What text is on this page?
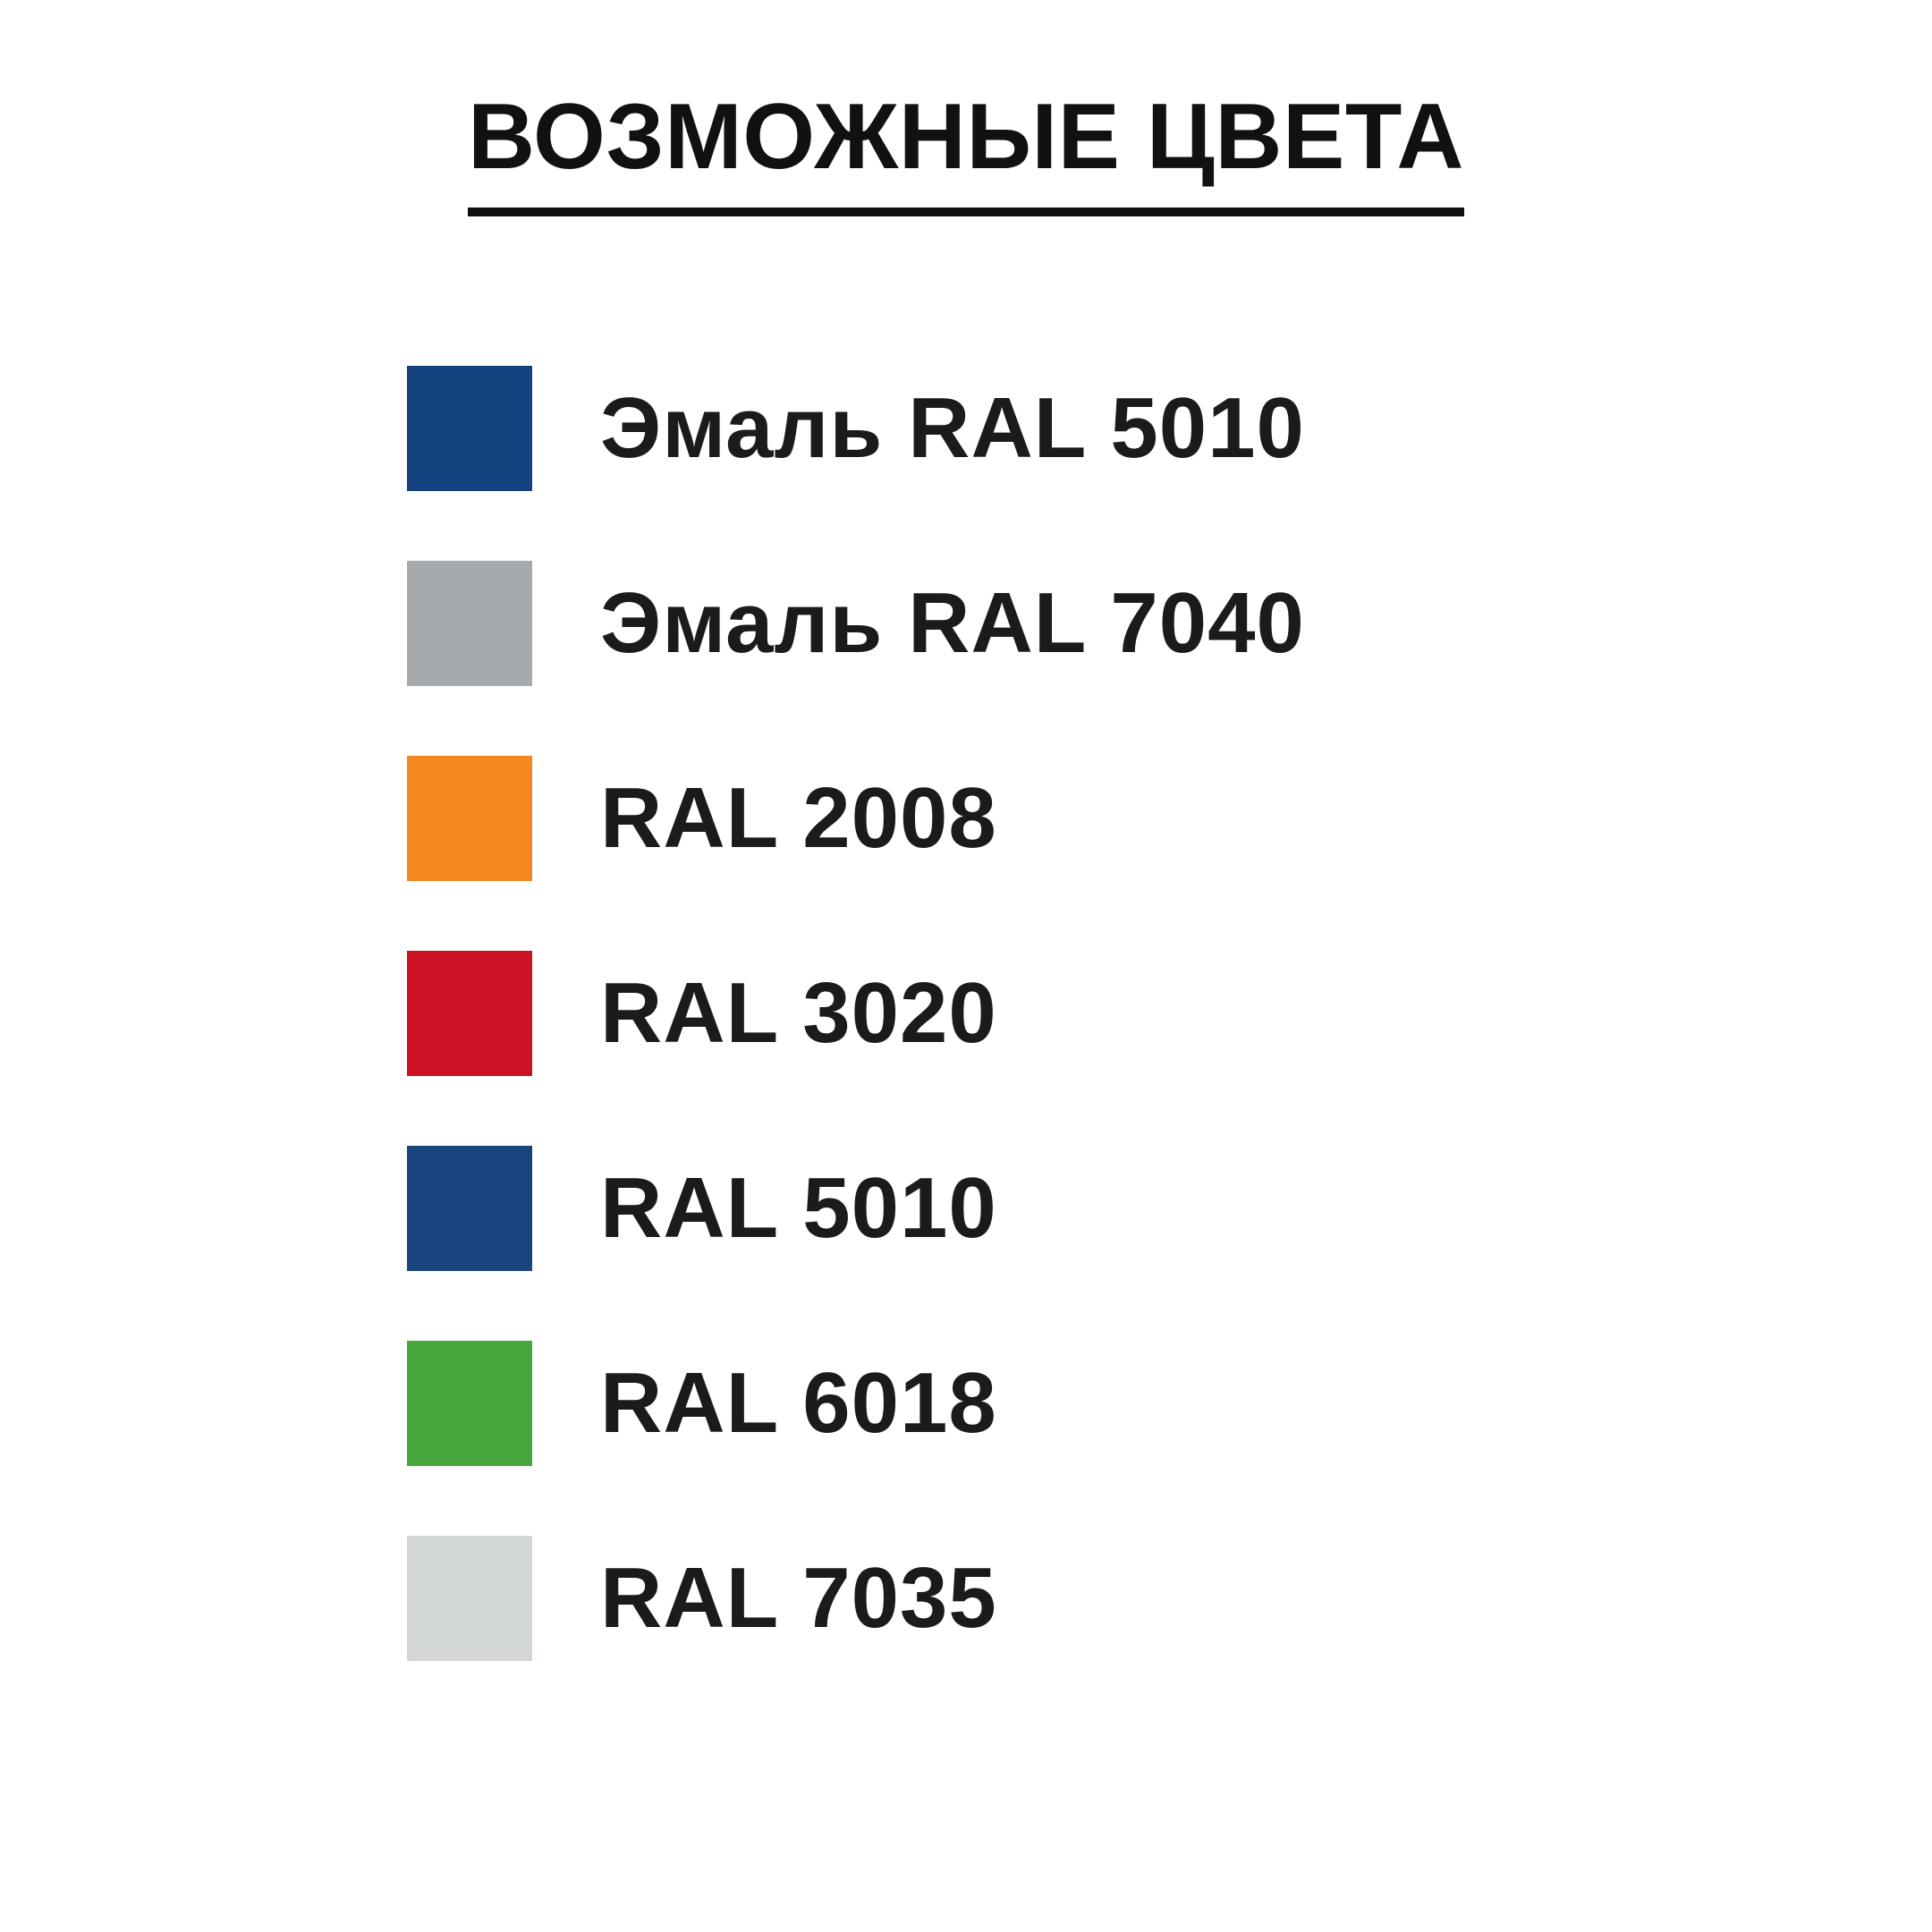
ВОЗМОЖНЫЕ ЦВЕТА
Эмаль RAL 5010
Эмаль RAL 7040
RAL 2008
RAL 3020
RAL 5010
RAL 6018
RAL 7035
